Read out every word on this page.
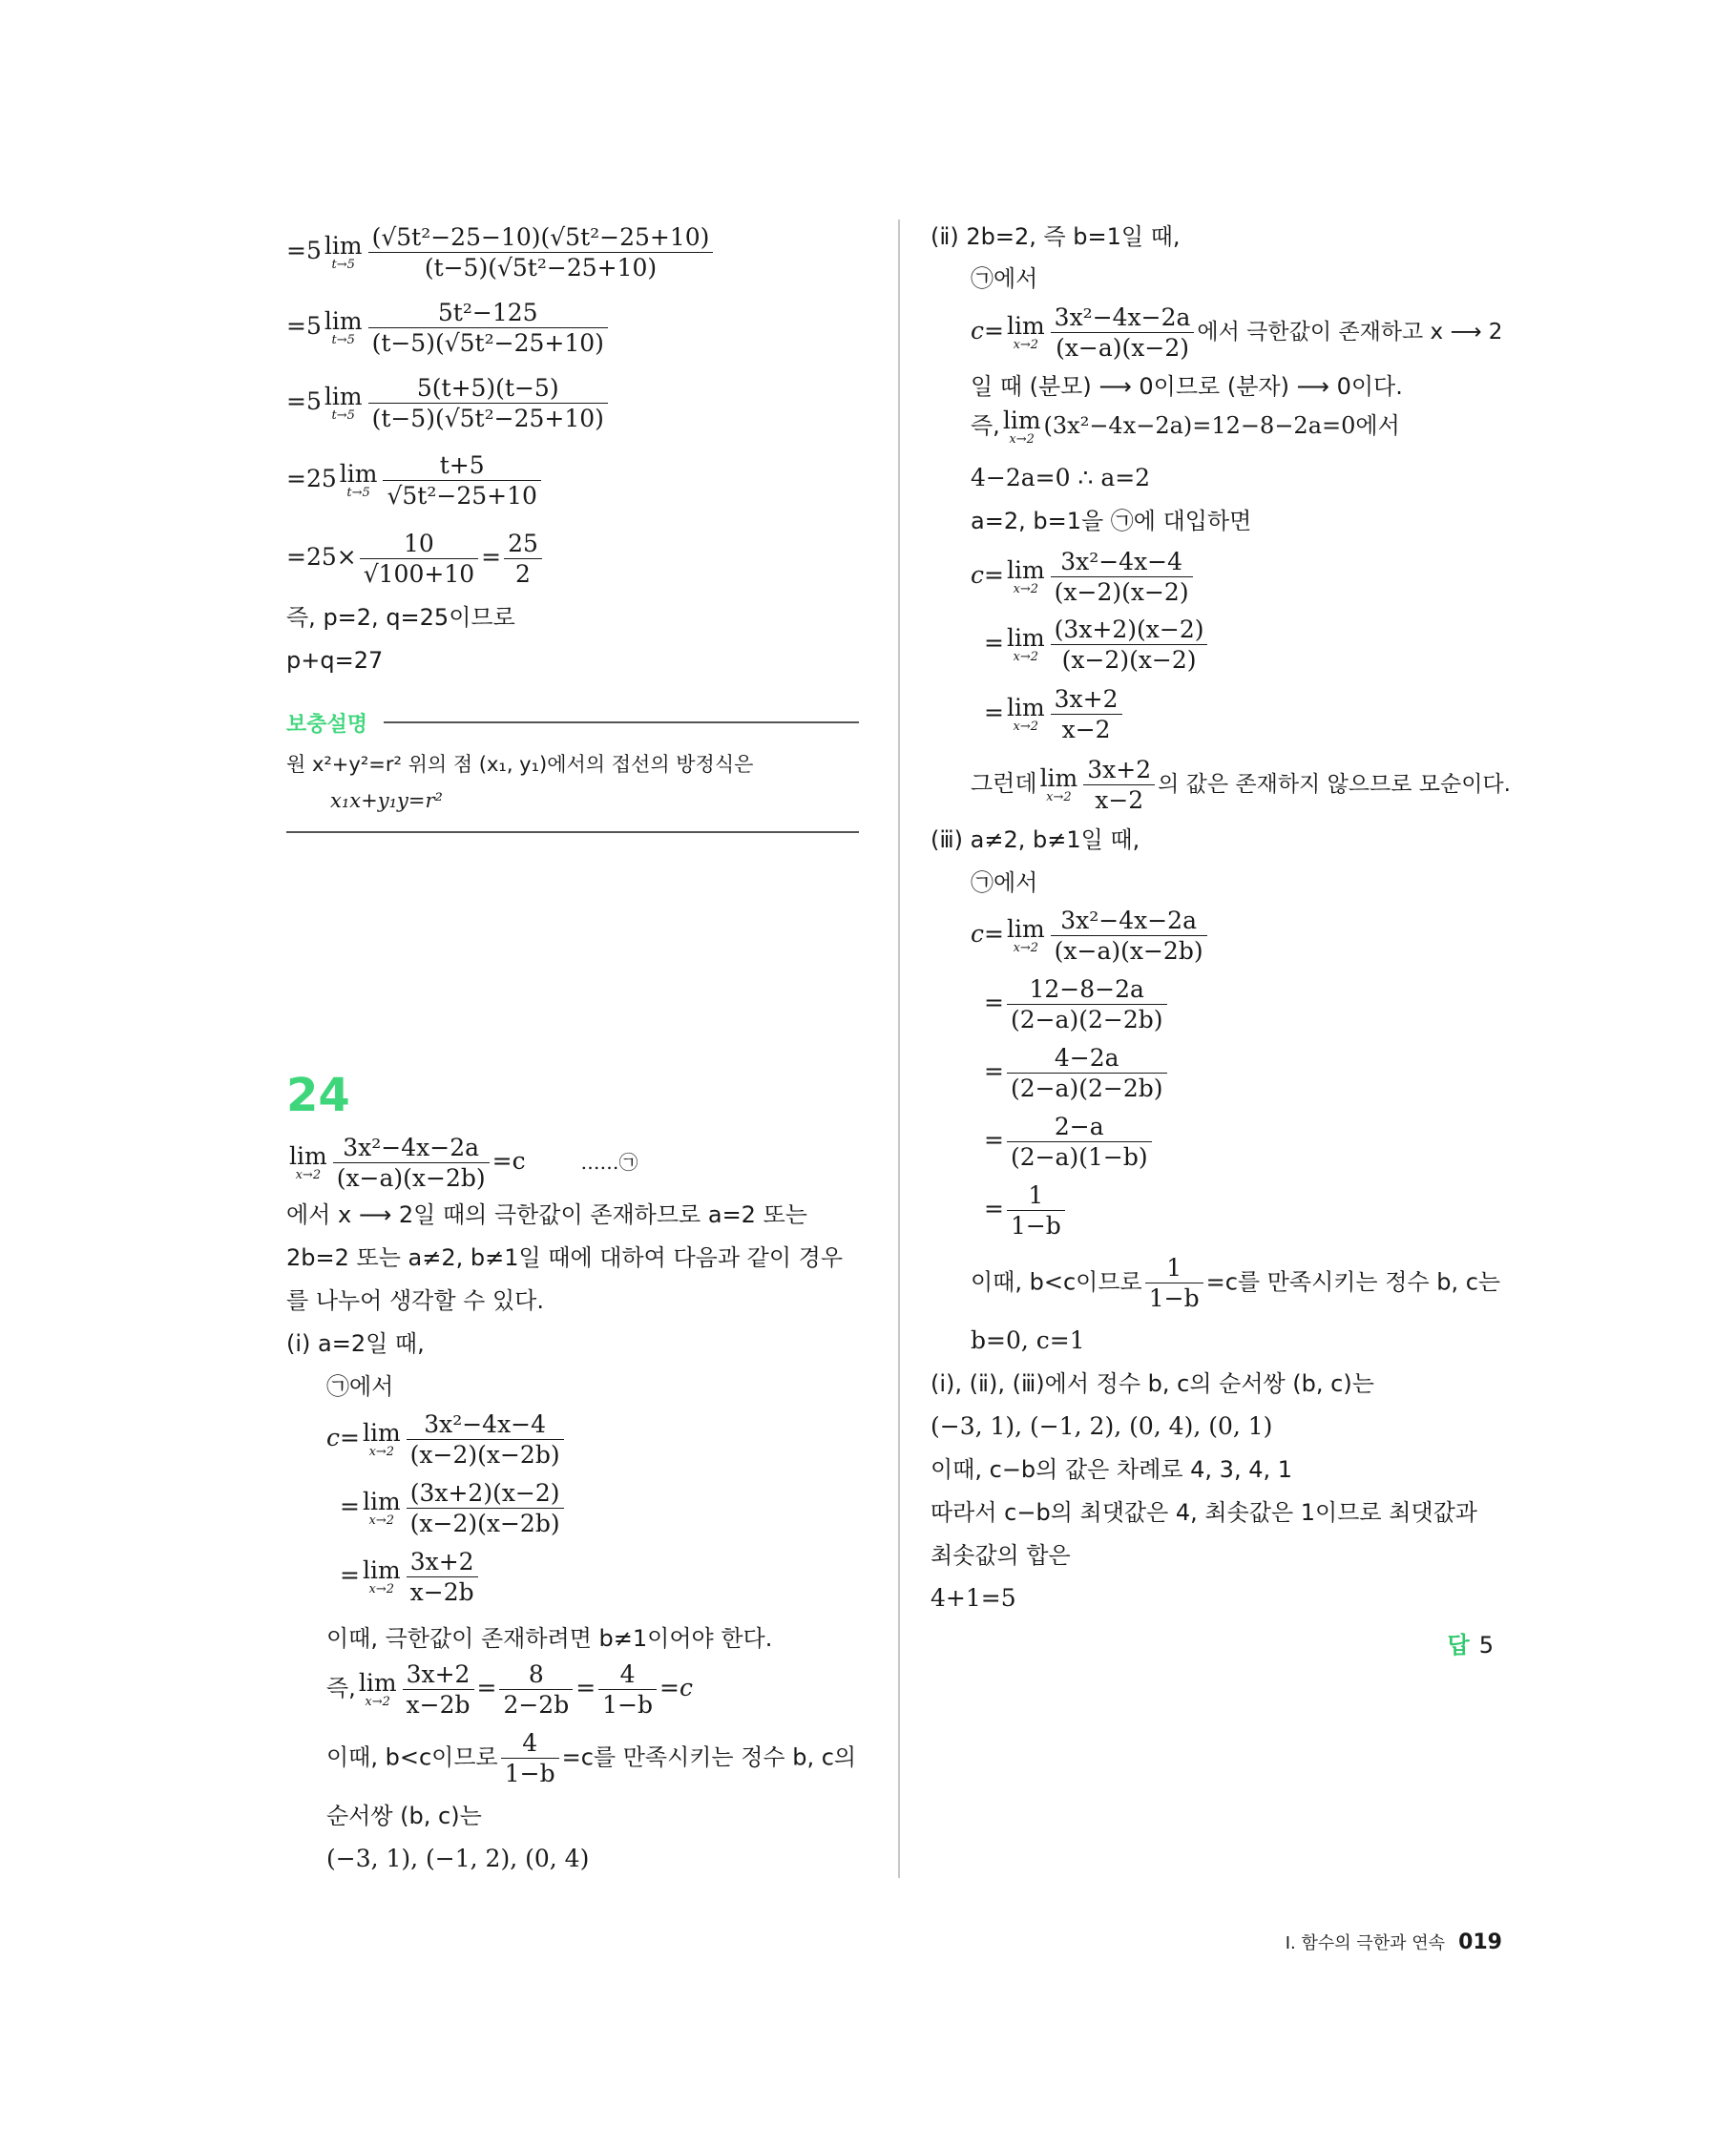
=5 lim
$t\to 5 \frac{\text{(√5t²−25−10)(√5t²−25+10)}}{\text{(t−5)(√5t²−25+10)}}$
=5 lim
$t\to 5 \frac{\text{5t²−125}}{\text{(t−5)(√5t²−25+10)}}$
=5 lim
$t\to 5 \frac{5(t+5)(t-5)}{\text{(t−5)(√5t²−25+10)}}$
=25 lim
$t\to 5 \frac{t+5}{\text{√5t²−25+10}}$
$=25\times \frac{10}{√100+10} = \frac{25}{2}$
즉, p=2, q=25이므로
p+q=27
보충설명
원 x²+y²=r² 위의 점 (x₁, y₁)에서의 접선의 방정식은
x₁x+y₁y=r²
24
lim
$x\to 2 \frac{\text{3x²−4x−2a}}{(x-a)(x-2b)} =c$	……㉠
에서 x ⟶ 2일 때의 극한값이 존재하므로 a=2 또는
2b=2 또는 a≠2, b≠1일 때에 대하여 다음과 같이 경우
를 나누어 생각할 수 있다.
(ⅰ) a=2일 때,
㉠에서
c= lim
$x\to 2 \frac{\text{3x²−4x−4}}{(x-2)(x-2b)}$
= lim
$x\to 2 \frac{(3x+2)(x-2)}{(x-2)(x-2b)}$
= lim
$x\to 2 \frac{3x+2}{x-2b}$
이때, 극한값이 존재하려면 b≠1이어야 한다.
즉, lim
$x\to 2 \frac{3x+2}{x-2b} = \frac{8}{2-2b} = \frac{4}{1-b} =c$
이때, b<c이므로 $\frac{4}{1-b} =c$를 만족시키는 정수 b, c의
순서쌍 (b, c)는
(−3, 1), (−1, 2), (0, 4)
(ⅱ) 2b=2, 즉 b=1일 때,
㉠에서
c= lim
$x\to 2 \frac{\text{3x²−4x−2a}}{(x-a)(x-2)}$ 에서 극한값이 존재하고 x ⟶ 2
일 때 (분모) ⟶ 0이므로 (분자) ⟶ 0이다.
즉, lim
x→2
(3x²−4x−2a)=12−8−2a=0에서
4−2a=0 ∴ a=2
a=2, b=1을 ㉠에 대입하면
c= lim
$x\to 2 \frac{\text{3x²−4x−4}}{(x-2)(x-2)}$
= lim
$x\to 2 \frac{(3x+2)(x-2)}{(x-2)(x-2)}$
= lim
$x\to 2 \frac{3x+2}{x-2}$
그런데 lim
$x\to 2 \frac{3x+2}{x-2}$ 의 값은 존재하지 않으므로 모순이다.
(ⅲ) a≠2, b≠1일 때,
㉠에서
c= lim
$x\to 2 \frac{\text{3x²−4x−2a}}{(x-a)(x-2b)}$
= $\frac{12-8-2a}{(2-a)(2-2b)}$
= $\frac{4-2a}{(2-a)(2-2b)}$
= $\frac{2-a}{(2-a)(1-b)}$
= $\frac{1}{1-b}$
이때, b<c이므로 $\frac{1}{1-b} =c$를 만족시키는 정수 b, c는
b=0, c=1
(ⅰ), (ⅱ), (ⅲ)에서 정수 b, c의 순서쌍 (b, c)는
(−3, 1), (−1, 2), (0, 4), (0, 1)
이때, c−b의 값은 차례로 4, 3, 4, 1
따라서 c−b의 최댓값은 4, 최솟값은 1이므로 최댓값과
최솟값의 합은
4+1=5
답 5
Ⅰ. 함수의 극한과 연속 019
